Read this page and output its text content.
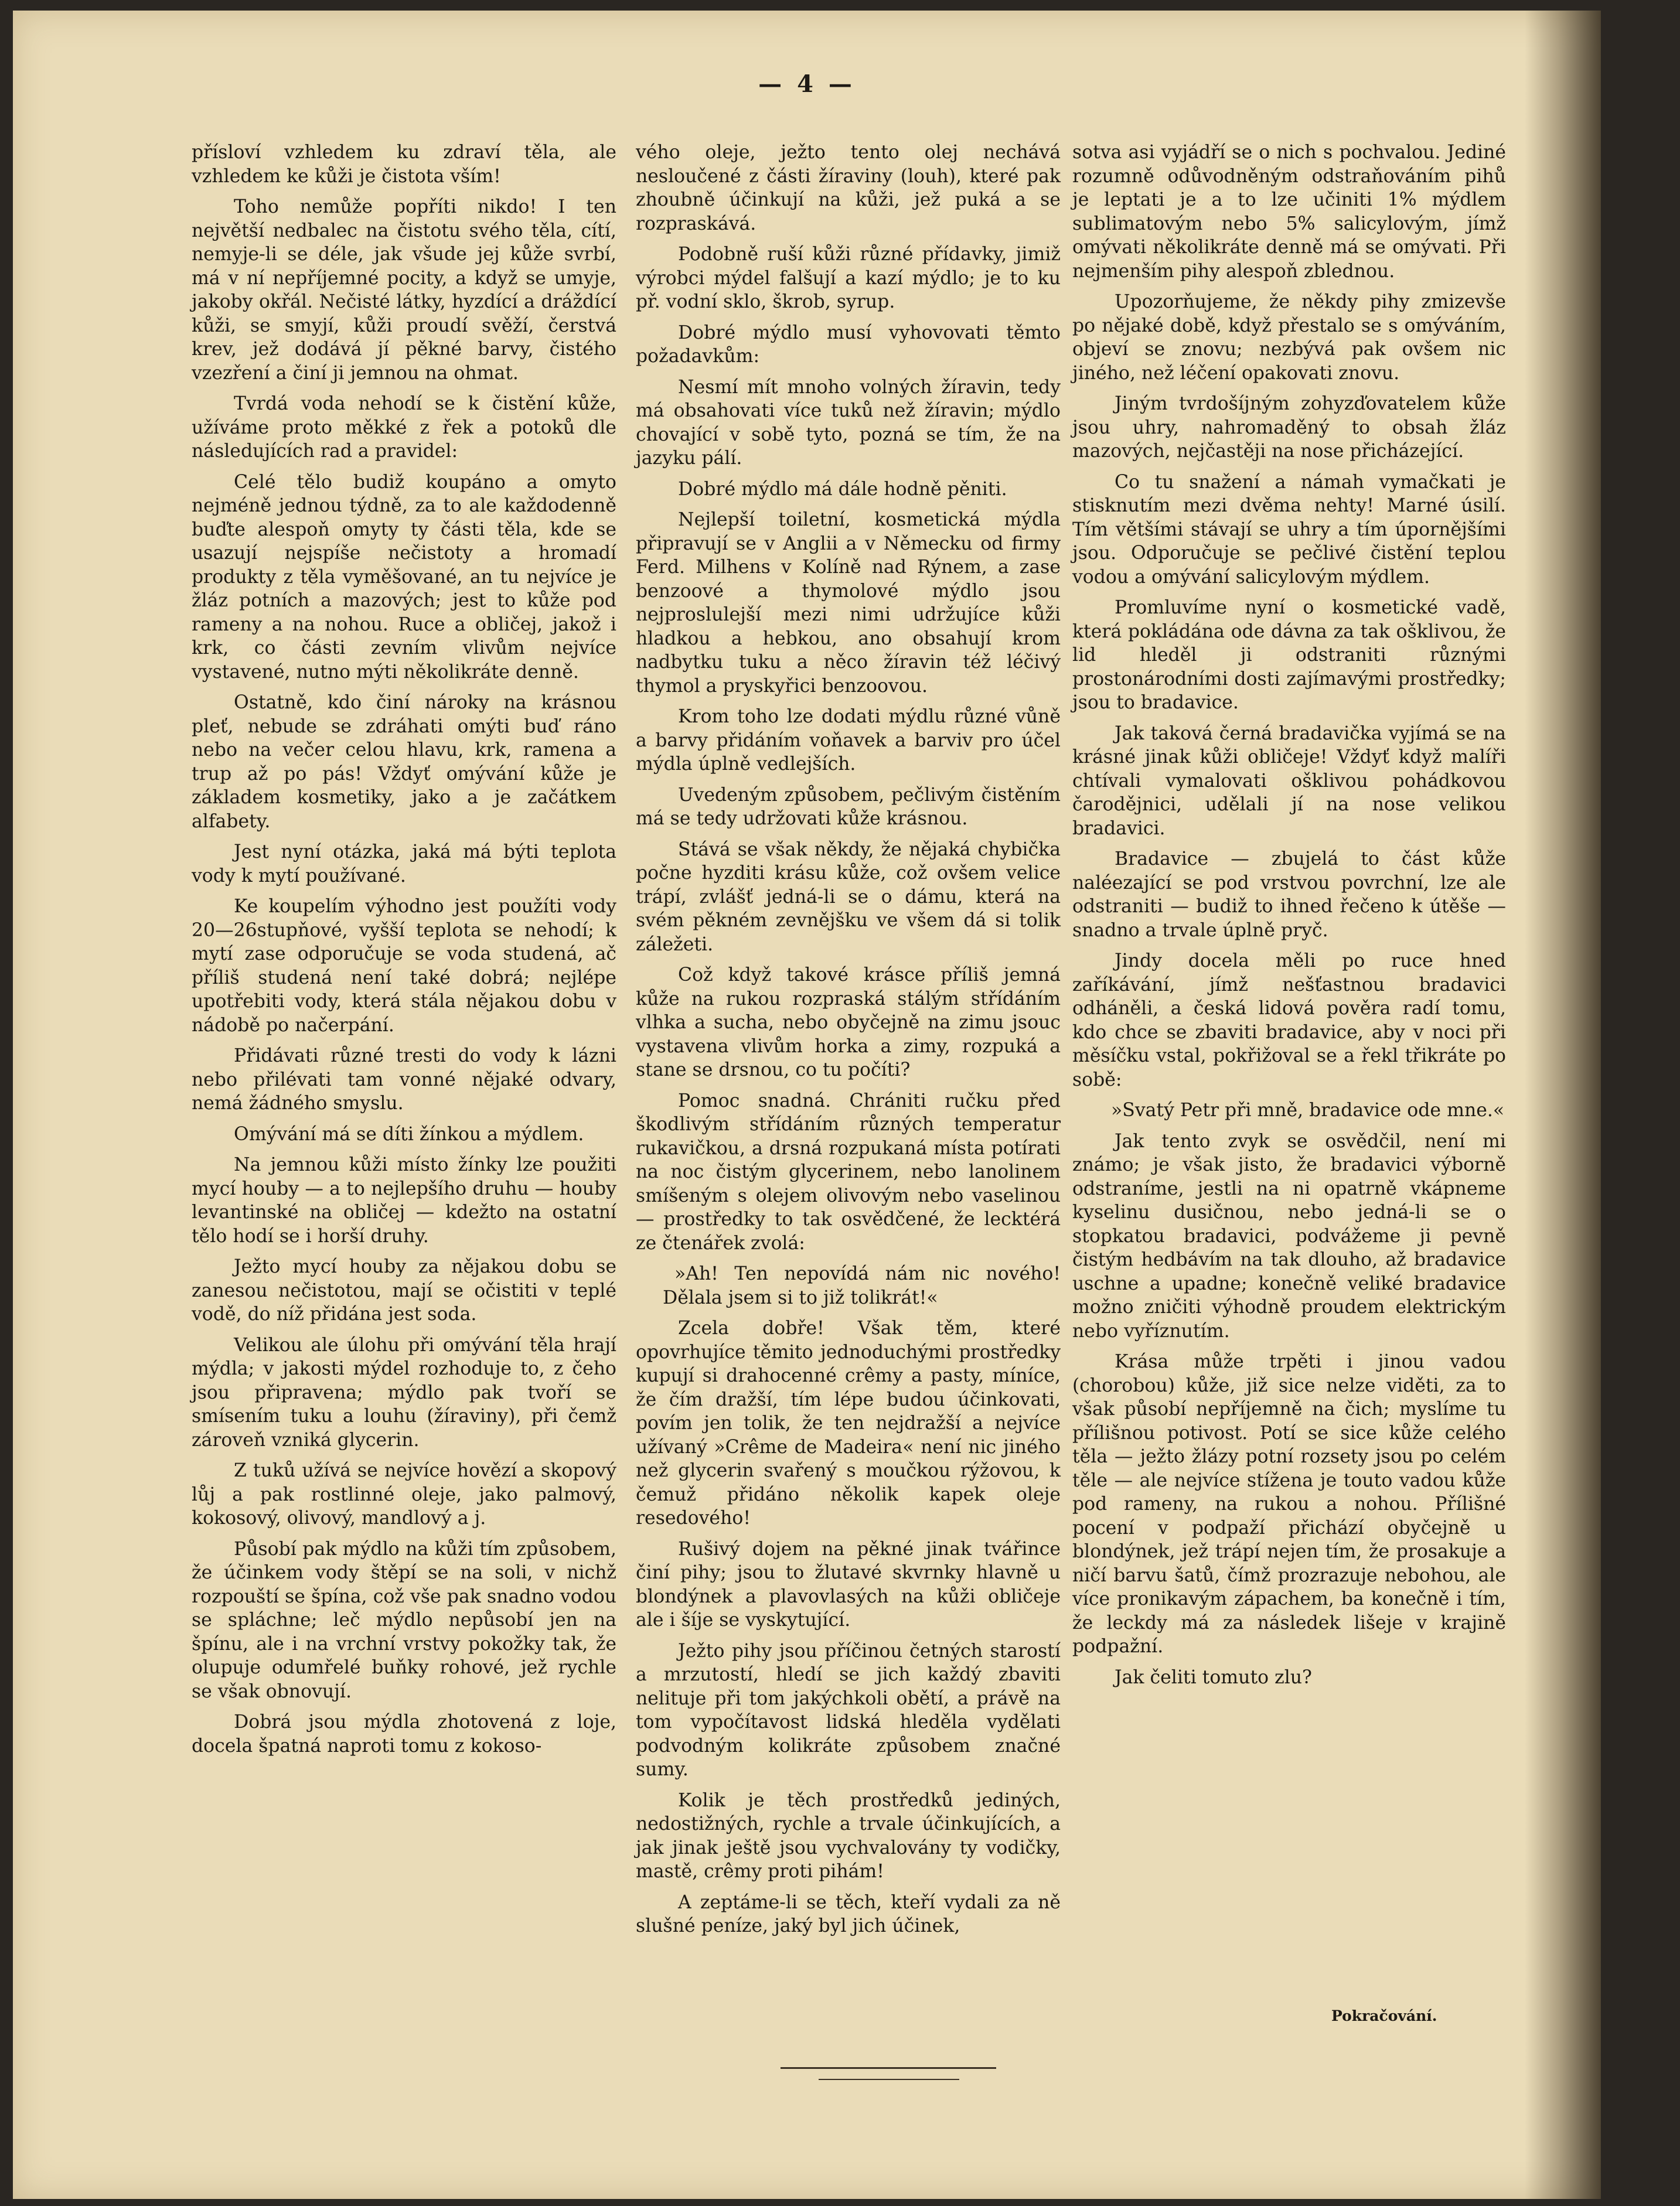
— 4 —

přísloví vzhledem ku zdraví těla, ale vzhledem ke kůži je čistota vším!

Toho nemůže popříti nikdo! I ten největší nedbalec na čistotu svého těla, cítí, nemyje-li se déle, jak všude jej kůže svrbí, má v ní nepříjemné pocity, a když se umyje, jakoby okřál. Nečisté látky, hyzdící a dráždící kůži, se smyjí, kůži proudí svěží, čerstvá krev, jež dodává jí pěkné barvy, čistého vzezření a činí ji jemnou na ohmat.

Tvrdá voda nehodí se k čistění kůže, užíváme proto měkké z řek a potoků dle následujících rad a pravidel:

Celé tělo budiž koupáno a omyto nejméně jednou týdně, za to ale každodenně buďte alespoň omyty ty části těla, kde se usazují nejspíše nečistoty a hromadí produkty z těla vyměšované, an tu nejvíce je žláz potních a mazových; jest to kůže pod rameny a na nohou. Ruce a obličej, jakož i krk, co části zevním vlivům nejvíce vystavené, nutno mýti několikráte denně.

Ostatně, kdo činí nároky na krásnou pleť, nebude se zdráhati omýti buď ráno nebo na večer celou hlavu, krk, ramena a trup až po pás! Vždyť omývání kůže je základem kosmetiky, jako a je začátkem alfabety.

Jest nyní otázka, jaká má býti teplota vody k mytí používané.

Ke koupelím výhodno jest použíti vody 20—26stupňové, vyšší teplota se nehodí; k mytí zase odporučuje se voda studená, ač příliš studená není také dobrá; nejlépe upotřebiti vody, která stála nějakou dobu v nádobě po načerpání.

Přidávati různé tresti do vody k lázni nebo přilévati tam vonné nějaké odvary, nemá žádného smyslu.

Omývání má se díti žínkou a mýdlem.

Na jemnou kůži místo žínky lze použiti mycí houby — a to nejlepšího druhu — houby levantinské na obličej — kdežto na ostatní tělo hodí se i horší druhy.

Ježto mycí houby za nějakou dobu se zanesou nečistotou, mají se očistiti v teplé vodě, do níž přidána jest soda.

Velikou ale úlohu při omývání těla hrají mýdla; v jakosti mýdel rozhoduje to, z čeho jsou připravena; mýdlo pak tvoří se smísením tuku a louhu (žíraviny), při čemž zároveň vzniká glycerin.

Z tuků užívá se nejvíce hovězí a skopový lůj a pak rostlinné oleje, jako palmový, kokosový, olivový, mandlový a j.

Působí pak mýdlo na kůži tím způsobem, že účinkem vody štěpí se na soli, v nichž rozpouští se špína, což vše pak snadno vodou se spláchne; leč mýdlo nepůsobí jen na špínu, ale i na vrchní vrstvy pokožky tak, že olupuje odumřelé buňky rohové, jež rychle se však obnovují.

Dobrá jsou mýdla zhotovená z loje, docela špatná naproti tomu z kokoso-

vého oleje, ježto tento olej nechává nesloučené z části žíraviny (louh), které pak zhoubně účinkují na kůži, jež puká a se rozpraskává.

Podobně ruší kůži různé přídavky, jimiž výrobci mýdel falšují a kazí mýdlo; je to ku př. vodní sklo, škrob, syrup.

Dobré mýdlo musí vyhovovati těmto požadavkům:

Nesmí mít mnoho volných žíravin, tedy má obsahovati více tuků než žíravin; mýdlo chovající v sobě tyto, pozná se tím, že na jazyku pálí.

Dobré mýdlo má dále hodně pěniti.

Nejlepší toiletní, kosmetická mýdla připravují se v Anglii a v Německu od firmy Ferd. Milhens v Kolíně nad Rýnem, a zase benzoové a thymolové mýdlo jsou nejproslulejší mezi nimi udržujíce kůži hladkou a hebkou, ano obsahují krom nadbytku tuku a něco žíravin též léčivý thymol a pryskyřici benzoovou.

Krom toho lze dodati mýdlu různé vůně a barvy přidáním voňavek a barviv pro účel mýdla úplně vedlejších.

Uvedeným způsobem, pečlivým čistěním má se tedy udržovati kůže krásnou.

Stává se však někdy, že nějaká chybička počne hyzditi krásu kůže, což ovšem velice trápí, zvlášť jedná-li se o dámu, která na svém pěkném zevnějšku ve všem dá si tolik záležeti.

Což když takové krásce příliš jemná kůže na rukou rozpraská stálým střídáním vlhka a sucha, nebo obyčejně na zimu jsouc vystavena vlivům horka a zimy, rozpuká a stane se drsnou, co tu počíti?

Pomoc snadná. Chrániti ručku před škodlivým střídáním různých temperatur rukavičkou, a drsná rozpukaná místa potírati na noc čistým glycerinem, nebo lanolinem smíšeným s olejem olivovým nebo vaselinou — prostředky to tak osvědčené, že lecktérá ze čtenářek zvolá:

»Ah! Ten nepovídá nám nic nového! Dělala jsem si to již tolikrát!«

Zcela dobře! Však těm, které opovrhujíce těmito jednoduchými prostředky kupují si drahocenné crêmy a pasty, míníce, že čím dražší, tím lépe budou účinkovati, povím jen tolik, že ten nejdražší a nejvíce užívaný »Crême de Madeira« není nic jiného než glycerin svařený s moučkou rýžovou, k čemuž přidáno několik kapek oleje resedového!

Rušivý dojem na pěkné jinak tvářince činí pihy; jsou to žlutavé skvrnky hlavně u blondýnek a plavovlasých na kůži obličeje ale i šíje se vyskytující.

Ježto pihy jsou příčinou četných starostí a mrzutostí, hledí se jich každý zbaviti nelituje při tom jakýchkoli obětí, a právě na tom vypočítavost lidská hleděla vydělati podvodným kolikráte způsobem značné sumy.

Kolik je těch prostředků jediných, nedostižných, rychle a trvale účinkujících, a jak jinak ještě jsou vychvalovány ty vodičky, mastě, crêmy proti pihám!

A zeptáme-li se těch, kteří vydali za ně slušné peníze, jaký byl jich účinek,

sotva asi vyjádří se o nich s pochvalou. Jediné rozumně odůvodněným odstraňováním pihů je leptati je a to lze učiniti 1% mýdlem sublimatovým nebo 5% salicylovým, jímž omývati několikráte denně má se omývati. Při nejmenším pihy alespoň zblednou.

Upozorňujeme, že někdy pihy zmizevše po nějaké době, když přestalo se s omýváním, objeví se znovu; nezbývá pak ovšem nic jiného, než léčení opakovati znovu.

Jiným tvrdošíjným zohyzďovatelem kůže jsou uhry, nahromaděný to obsah žláz mazových, nejčastěji na nose přicházející.

Co tu snažení a námah vymačkati je stisknutím mezi dvěma nehty! Marné úsilí. Tím většími stávají se uhry a tím úpornějšími jsou. Odporučuje se pečlivé čistění teplou vodou a omývání salicylovým mýdlem.

Promluvíme nyní o kosmetické vadě, která pokládána ode dávna za tak ošklivou, že lid hleděl ji odstraniti různými prostonárodními dosti zajímavými prostředky; jsou to bradavice.

Jak taková černá bradavička vyjímá se na krásné jinak kůži obličeje! Vždyť když malíři chtívali vymalovati ošklivou pohádkovou čarodějnici, udělali jí na nose velikou bradavici.

Bradavice — zbujelá to část kůže naléezající se pod vrstvou povrchní, lze ale odstraniti — budiž to ihned řečeno k útěše — snadno a trvale úplně pryč.

Jindy docela měli po ruce hned zaříkávání, jímž nešťastnou bradavici odháněli, a česká lidová pověra radí tomu, kdo chce se zbaviti bradavice, aby v noci při měsíčku vstal, pokřižoval se a řekl třikráte po sobě:

»Svatý Petr při mně, bradavice ode mne.«

Jak tento zvyk se osvědčil, není mi známo; je však jisto, že bradavici výborně odstraníme, jestli na ni opatrně vkápneme kyselinu dusičnou, nebo jedná-li se o stopkatou bradavici, podvážeme ji pevně čistým hedbávím na tak dlouho, až bradavice uschne a upadne; konečně veliké bradavice možno zničiti výhodně proudem elektrickým nebo vyříznutím.

Krása může trpěti i jinou vadou (chorobou) kůže, již sice nelze viděti, za to však působí nepříjemně na čich; myslíme tu přílišnou potivost. Potí se sice kůže celého těla — ježto žlázy potní rozsety jsou po celém těle — ale nejvíce stížena je touto vadou kůže pod rameny, na rukou a nohou. Přílišné pocení v podpaží přichází obyčejně u blondýnek, jež trápí nejen tím, že prosakuje a ničí barvu šatů, čímž prozrazuje nebohou, ale více pronikavým zápachem, ba konečně i tím, že leckdy má za následek lišeje v krajině podpažní.

Jak čeliti tomuto zlu?

Pokračování.
